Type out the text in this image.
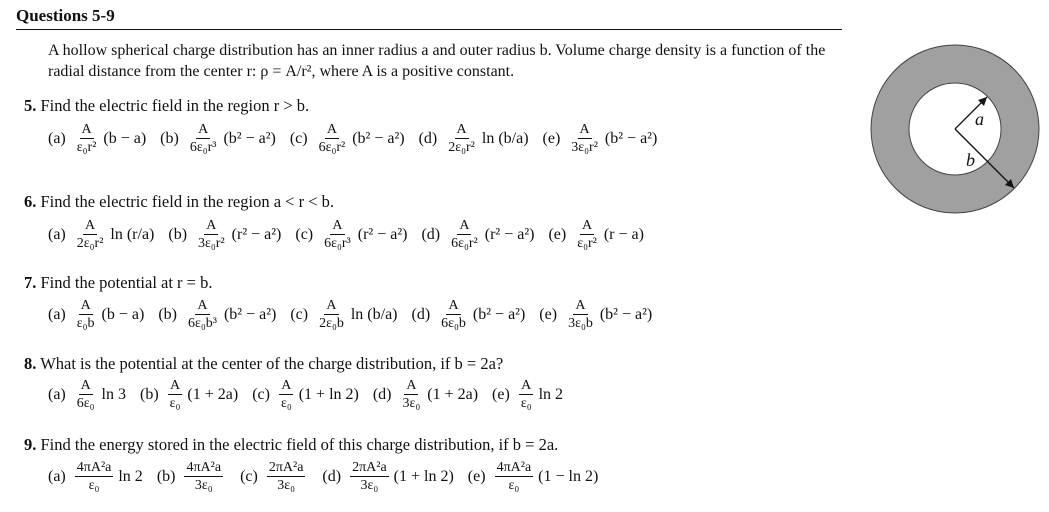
Questions 5-9
A hollow spherical charge distribution has an inner radius a and outer radius b. Volume charge density is a function of the radial distance from the center r: ρ = A/r², where A is a positive constant.
5. Find the electric field in the region r > b.
$(a) \frac{A}{\text{ε₀r²}} (b - a)$ $(b) \frac{A}{\text{6ε₀r³}} (b^2 - a^2)$ $(c) \frac{A}{\text{6ε₀r²}} (b^2 - a^2)$ $(d) \frac{A}{\text{2ε₀r²}}$ ln (b/a) $(e) \frac{A}{\text{3ε₀r²}} (b^2 - a^2)$
6. Find the electric field in the region a < r < b.
$(a) \frac{A}{\text{2ε₀r²}}$ ln (r/a) $(b) \frac{A}{\text{3ε₀r²}} (r^2 - a^2)$ $(c) \frac{A}{\text{6ε₀r³}} (r^2 - a^2)$ $(d) \frac{A}{\text{6ε₀r²}} (r^2 - a^2)$ $(e) \frac{A}{\text{ε₀r²}} (r - a)$
7. Find the potential at r = b.
$(a) \frac{A}{\text{ε₀b}} (b - a)$ $(b) \frac{A}{\text{6ε₀b³}} (b^2 - a^2)$ $(c) \frac{A}{\text{2ε₀b}}$ ln (b/a) $(d) \frac{A}{\text{6ε₀b}} (b^2 - a^2)$ $(e) \frac{A}{\text{3ε₀b}} (b^2 - a^2)$
8. What is the potential at the center of the charge distribution, if b = 2a?
$(a) \frac{A}{\text{6ε₀}}$ ln 3 $(b) \frac{A}{\text{ε₀}} (1 + 2a)$ $(c) \frac{A}{\text{ε₀}} (1 + \ln 2)$ $(d) \frac{A}{\text{3ε₀}} (1 + 2a)$ $(e) \frac{A}{\text{ε₀}}$ ln 2
9. Find the energy stored in the electric field of this charge distribution, if b = 2a.
$(a) \frac{\text{4πA²a}}{\text{ε₀}}$ ln 2 $(b) \frac{\text{4πA²a}}{\text{3ε₀}} (c) \frac{\text{2πA²a}}{\text{3ε₀}} (d) \frac{\text{2πA²a}}{\text{3ε₀}} (1 + \ln 2)$ $(e) \frac{\text{4πA²a}}{\text{ε₀}} (1 - \ln 2)$
a
b
